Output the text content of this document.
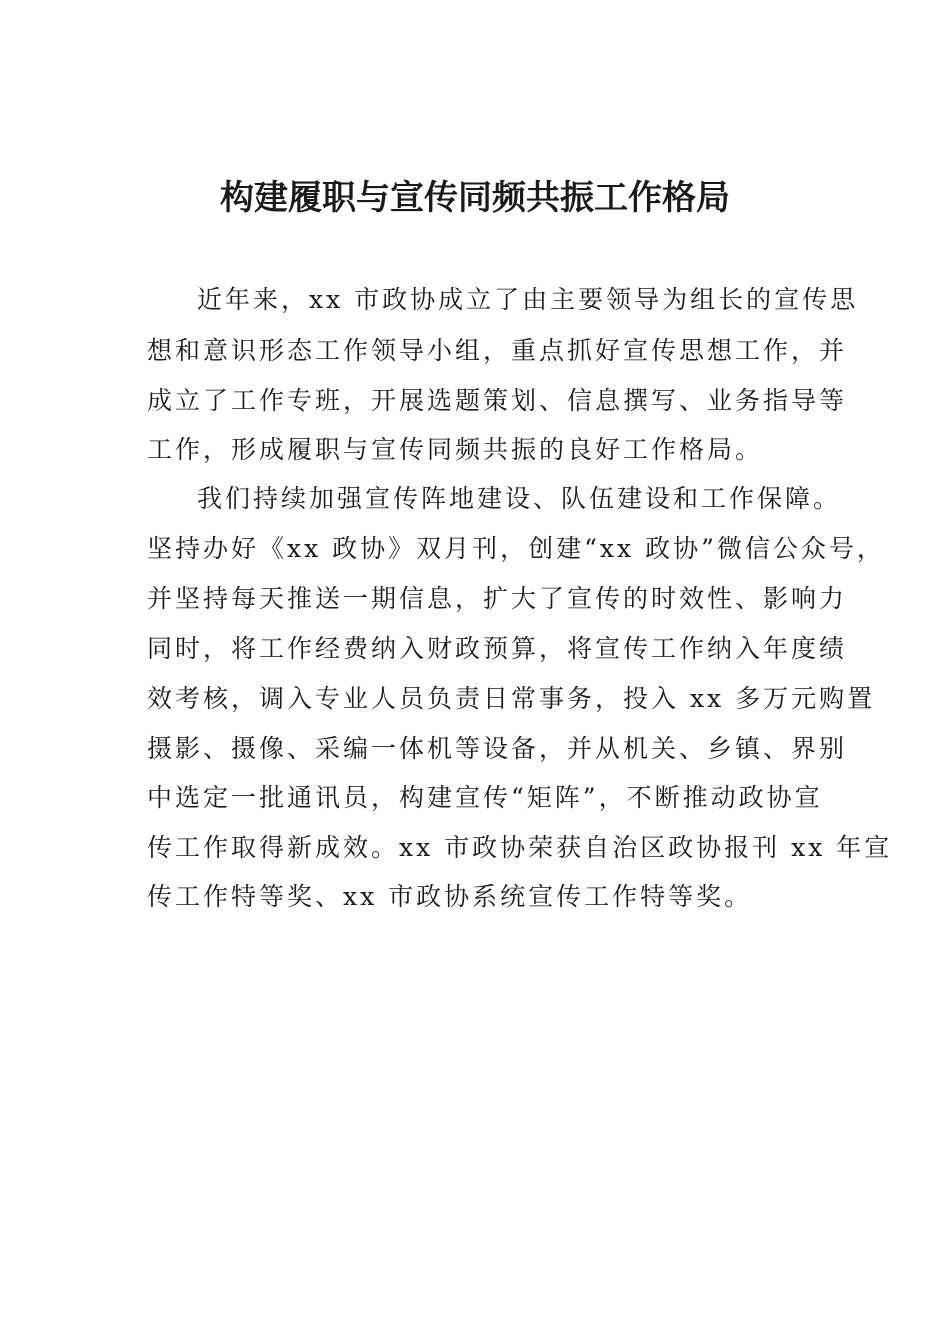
构建履职与宣传同频共振工作格局

近年来，xx 市政协成立了由主要领导为组长的宣传思

想和意识形态工作领导小组，重点抓好宣传思想工作，并

成立了工作专班，开展选题策划、信息撰写、业务指导等

工作，形成履职与宣传同频共振的良好工作格局。

我们持续加强宣传阵地建设、队伍建设和工作保障。

坚持办好《xx 政协》双月刊，创建“xx 政协”微信公众号，

并坚持每天推送一期信息，扩大了宣传的时效性、影响力

同时，将工作经费纳入财政预算，将宣传工作纳入年度绩

效考核，调入专业人员负责日常事务，投入 xx 多万元购置

摄影、摄像、采编一体机等设备，并从机关、乡镇、界别

中选定一批通讯员，构建宣传“矩阵”，不断推动政协宣

传工作取得新成效。xx 市政协荣获自治区政协报刊 xx 年宣

传工作特等奖、xx 市政协系统宣传工作特等奖。
